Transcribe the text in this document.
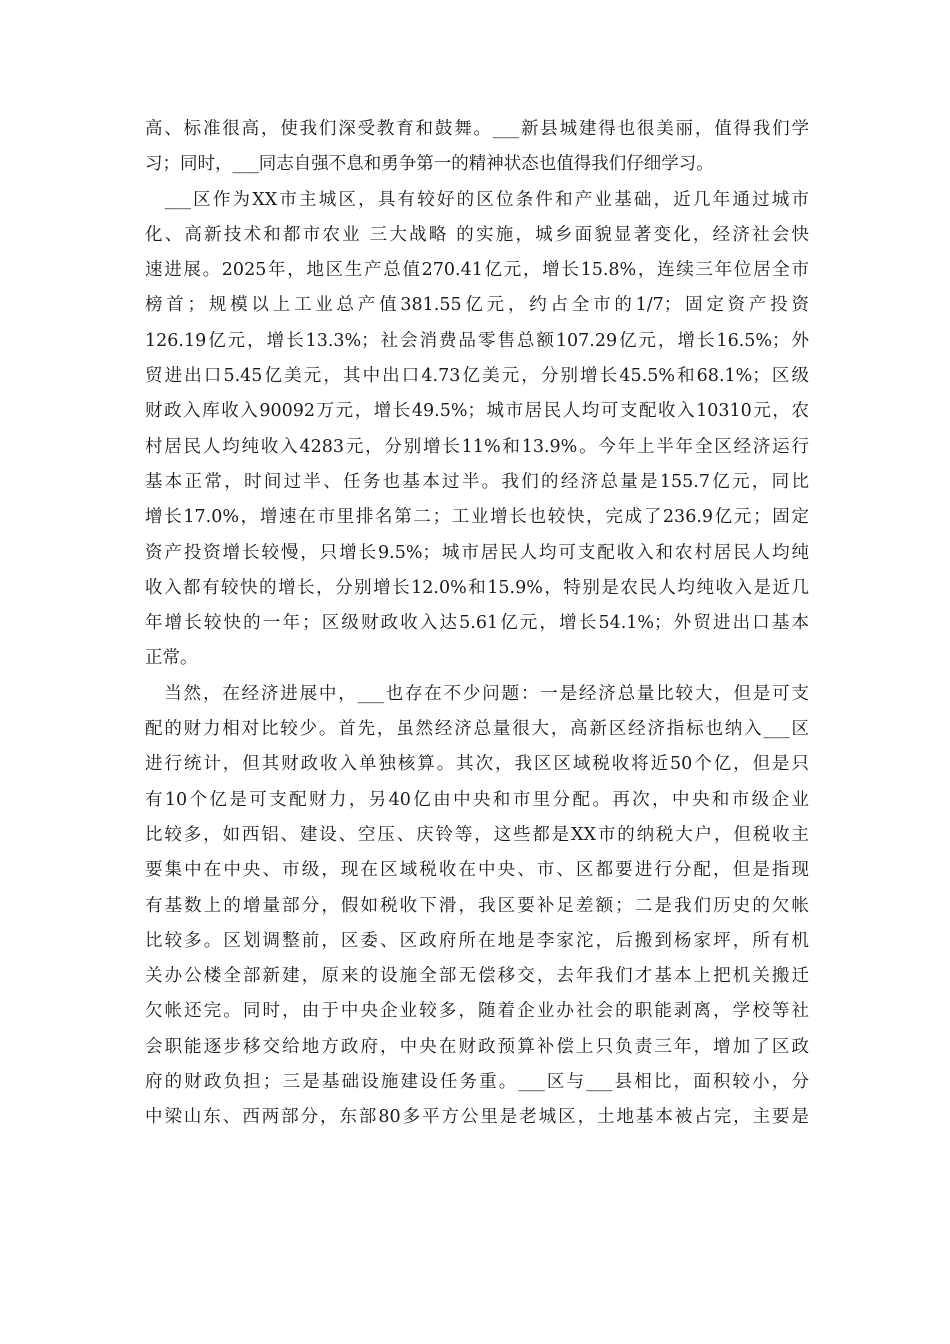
高、标准很高，使我们深受教育和鼓舞。___新县城建得也很美丽，值得我们学
习；同时，___同志自强不息和勇争第一的精神状态也值得我们仔细学习。
　___区作为XX市主城区，具有较好的区位条件和产业基础，近几年通过城市
化、高新技术和都市农业 三大战略 的实施，城乡面貌显著变化，经济社会快
速进展。2025年，地区生产总值270.41亿元，增长15.8%，连续三年位居全市
榜首；规模以上工业总产值381.55亿元，约占全市的1/7；固定资产投资
126.19亿元，增长13.3%；社会消费品零售总额107.29亿元，增长16.5%；外
贸进出口5.45亿美元，其中出口4.73亿美元，分别增长45.5%和68.1%；区级
财政入库收入90092万元，增长49.5%；城市居民人均可支配收入10310元，农
村居民人均纯收入4283元，分别增长11%和13.9%。今年上半年全区经济运行
基本正常，时间过半、任务也基本过半。我们的经济总量是155.7亿元，同比
增长17.0%，增速在市里排名第二；工业增长也较快，完成了236.9亿元；固定
资产投资增长较慢，只增长9.5%；城市居民人均可支配收入和农村居民人均纯
收入都有较快的增长，分别增长12.0%和15.9%，特别是农民人均纯收入是近几
年增长较快的一年；区级财政收入达5.61亿元，增长54.1%；外贸进出口基本
正常。
　当然，在经济进展中，___也存在不少问题：一是经济总量比较大，但是可支
配的财力相对比较少。首先，虽然经济总量很大，高新区经济指标也纳入___区
进行统计，但其财政收入单独核算。其次，我区区域税收将近50个亿，但是只
有10个亿是可支配财力，另40亿由中央和市里分配。再次，中央和市级企业
比较多，如西铝、建设、空压、庆铃等，这些都是XX市的纳税大户，但税收主
要集中在中央、市级，现在区域税收在中央、市、区都要进行分配，但是指现
有基数上的增量部分，假如税收下滑，我区要补足差额；二是我们历史的欠帐
比较多。区划调整前，区委、区政府所在地是李家沱，后搬到杨家坪，所有机
关办公楼全部新建，原来的设施全部无偿移交，去年我们才基本上把机关搬迁
欠帐还完。同时，由于中央企业较多，随着企业办社会的职能剥离，学校等社
会职能逐步移交给地方政府，中央在财政预算补偿上只负责三年，增加了区政
府的财政负担；三是基础设施建设任务重。___区与___县相比，面积较小，分
中梁山东、西两部分，东部80多平方公里是老城区，土地基本被占完，主要是
